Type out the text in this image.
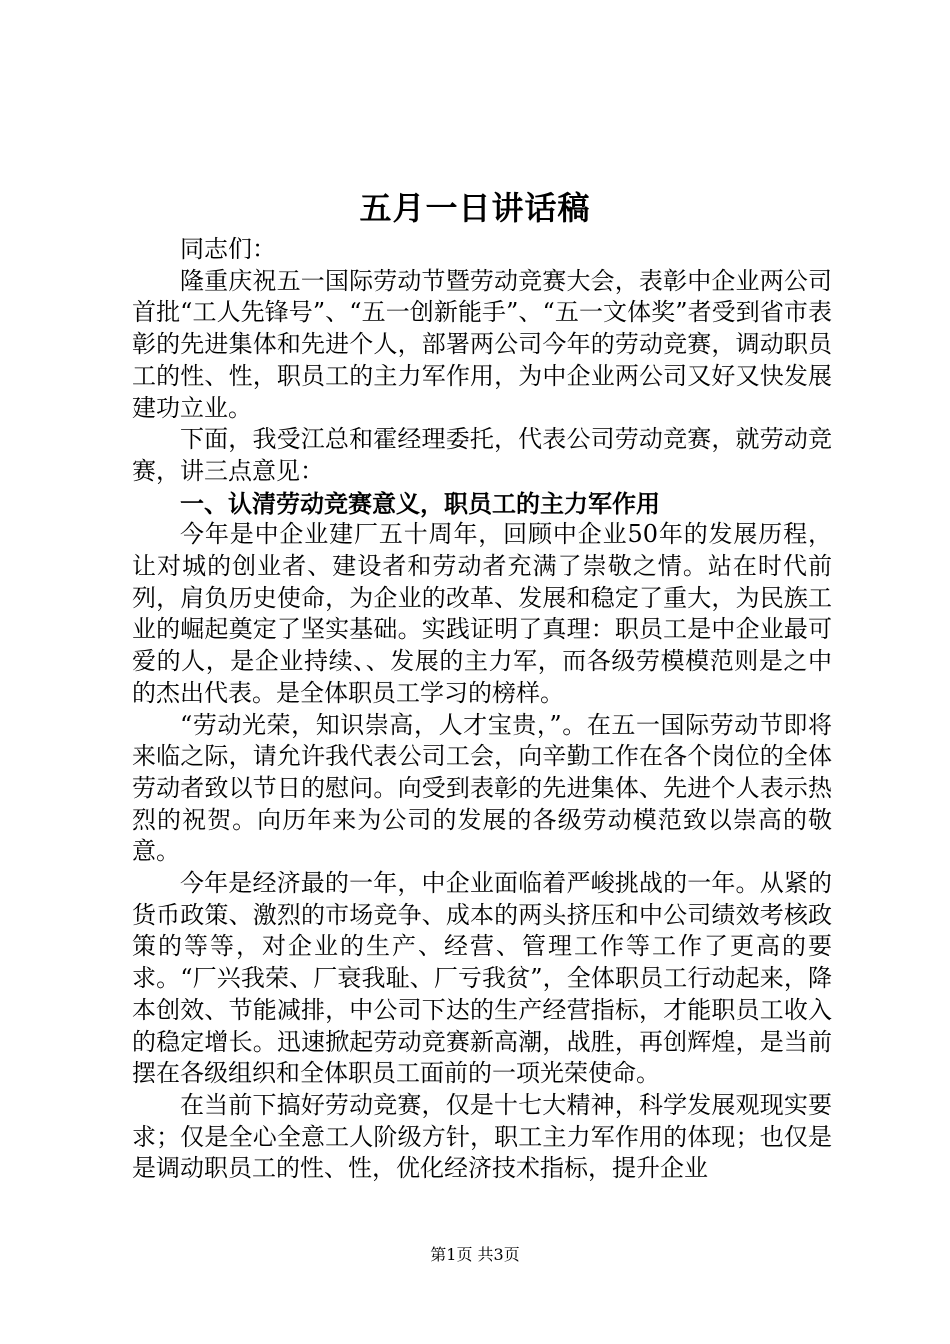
五月一日讲话稿

同志们：

隆重庆祝五一国际劳动节暨劳动竞赛大会，表彰中企业两公司首批“工人先锋号”、“五一创新能手”、“五一文体奖”者受到省市表彰的先进集体和先进个人，部署两公司今年的劳动竞赛，调动职员工的性、性，职员工的主力军作用，为中企业两公司又好又快发展建功立业。

下面，我受江总和霍经理委托，代表公司劳动竞赛，就劳动竞赛，讲三点意见：

一、认清劳动竞赛意义，职员工的主力军作用

今年是中企业建厂五十周年，回顾中企业50年的发展历程，让对城的创业者、建设者和劳动者充满了崇敬之情。站在时代前列，肩负历史使命，为企业的改革、发展和稳定了重大，为民族工业的崛起奠定了坚实基础。实践证明了真理：职员工是中企业最可爱的人，是企业持续、、发展的主力军，而各级劳模模范则是之中的杰出代表。是全体职员工学习的榜样。

“劳动光荣，知识崇高，人才宝贵，”。在五一国际劳动节即将来临之际，请允许我代表公司工会，向辛勤工作在各个岗位的全体劳动者致以节日的慰问。向受到表彰的先进集体、先进个人表示热烈的祝贺。向历年来为公司的发展的各级劳动模范致以崇高的敬意。

今年是经济最的一年，中企业面临着严峻挑战的一年。从紧的货币政策、激烈的市场竞争、成本的两头挤压和中公司绩效考核政策的等等，对企业的生产、经营、管理工作等工作了更高的要求。“厂兴我荣、厂衰我耻、厂亏我贫”，全体职员工行动起来，降本创效、节能减排，中公司下达的生产经营指标，才能职员工收入的稳定增长。迅速掀起劳动竞赛新高潮，战胜，再创辉煌，是当前摆在各级组织和全体职员工面前的一项光荣使命。

在当前下搞好劳动竞赛，仅是十七大精神，科学发展观现实要求；仅是全心全意工人阶级方针，职工主力军作用的体现；也仅是是调动职员工的性、性，优化经济技术指标，提升企业

第1页 共3页
